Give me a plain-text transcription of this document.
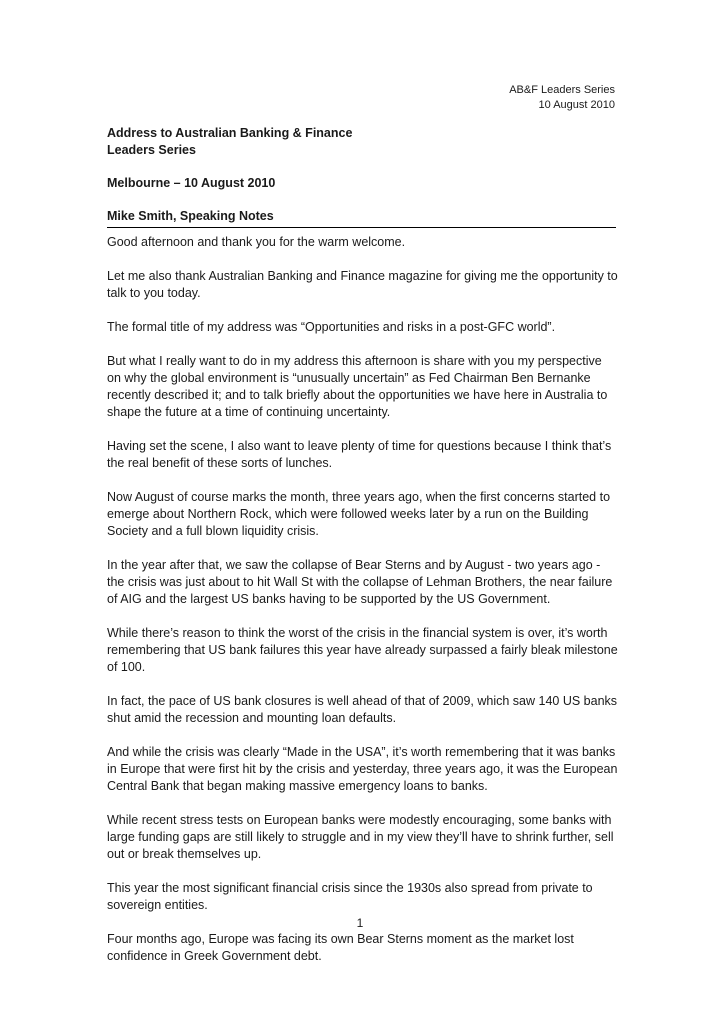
AB&F Leaders Series
10 August 2010
Address to Australian Banking & Finance
Leaders Series
Melbourne – 10 August 2010
Mike Smith, Speaking Notes

Good afternoon and thank you for the warm welcome.

Let me also thank Australian Banking and Finance magazine for giving me the opportunity to talk to you today.

The formal title of my address was “Opportunities and risks in a post-GFC world”.

But what I really want to do in my address this afternoon is share with you my perspective on why the global environment is “unusually uncertain” as Fed Chairman Ben Bernanke recently described it; and to talk briefly about the opportunities we have here in Australia to shape the future at a time of continuing uncertainty.

Having set the scene, I also want to leave plenty of time for questions because I think that’s the real benefit of these sorts of lunches.

Now August of course marks the month, three years ago, when the first concerns started to emerge about Northern Rock, which were followed weeks later by a run on the Building Society and a full blown liquidity crisis.

In the year after that, we saw the collapse of Bear Sterns and by August - two years ago - the crisis was just about to hit Wall St with the collapse of Lehman Brothers, the near failure of AIG and the largest US banks having to be supported by the US Government.

While there’s reason to think the worst of the crisis in the financial system is over, it’s worth remembering that US bank failures this year have already surpassed a fairly bleak milestone of 100.

In fact, the pace of US bank closures is well ahead of that of 2009, which saw 140 US banks shut amid the recession and mounting loan defaults.

And while the crisis was clearly “Made in the USA”, it’s worth remembering that it was banks in Europe that were first hit by the crisis and yesterday, three years ago, it was the European Central Bank that began making massive emergency loans to banks.

While recent stress tests on European banks were modestly encouraging, some banks with large funding gaps are still likely to struggle and in my view they’ll have to shrink further, sell out or break themselves up.

This year the most significant financial crisis since the 1930s also spread from private to sovereign entities.

Four months ago, Europe was facing its own Bear Sterns moment as the market lost confidence in Greek Government debt.

1
